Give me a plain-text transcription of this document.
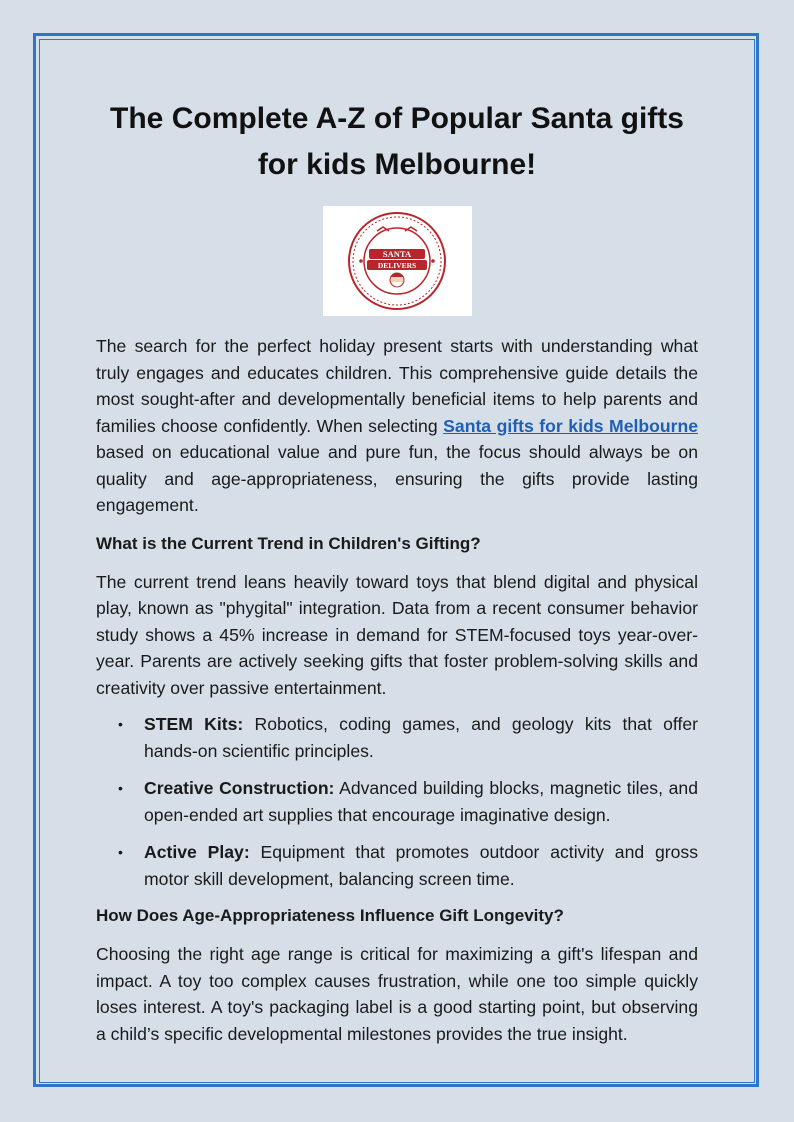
The Complete A-Z of Popular Santa gifts for kids Melbourne!
SANTA
DELIVERS

The search for the perfect holiday present starts with understanding what truly engages and educates children. This comprehensive guide details the most sought-after and developmentally beneficial items to help parents and families choose confidently. When selecting Santa gifts for kids Melbourne based on educational value and pure fun, the focus should always be on quality and age-appropriateness, ensuring the gifts provide lasting engagement.

What is the Current Trend in Children's Gifting?

The current trend leans heavily toward toys that blend digital and physical play, known as "phygital" integration. Data from a recent consumer behavior study shows a 45% increase in demand for STEM-focused toys year-over-year. Parents are actively seeking gifts that foster problem-solving skills and creativity over passive entertainment.

• STEM Kits: Robotics, coding games, and geology kits that offer hands-on scientific principles.
• Creative Construction: Advanced building blocks, magnetic tiles, and open-ended art supplies that encourage imaginative design.
• Active Play: Equipment that promotes outdoor activity and gross motor skill development, balancing screen time.
How Does Age-Appropriateness Influence Gift Longevity?

Choosing the right age range is critical for maximizing a gift's lifespan and impact. A toy too complex causes frustration, while one too simple quickly loses interest. A toy's packaging label is a good starting point, but observing a child’s specific developmental milestones provides the true insight.
